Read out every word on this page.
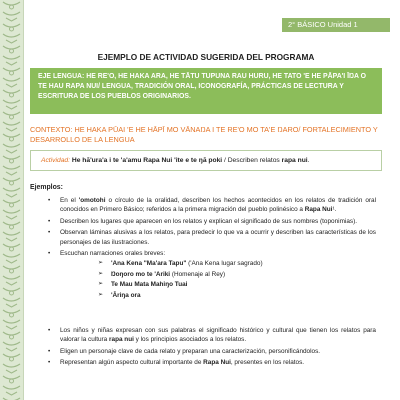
2° BÁSICO Unidad 1
EJEMPLO DE ACTIVIDAD SUGERIDA DEL PROGRAMA
EJE LENGUA: HE RE'O, HE HAKA ARA, HE TĀTU TUPUNA RAU HURU, HE TATO 'E HE PĀPA'I ĪŊA O TE HAU RAPA NUI/ LENGUA, TRADICIÓN ORAL, ICONOGRAFÍA, PRÁCTICAS DE LECTURA Y ESCRITURA DE LOS PUEBLOS ORIGINARIOS.
CONTEXTO: HE HAKA PŪAI 'E HE HĀPĪ MO VĀNAŊA I TE RE'O MO TA'E ŊARO/ FORTALECIMIENTO Y DESARROLLO DE LA LENGUA
Actividad: He hā'ura'a i te 'a'amu Rapa Nui 'ite e te ŋā poki / Describen relatos rapa nui.
Ejemplos:
• En el 'omotohi o círculo de la oralidad, describen los hechos acontecidos en los relatos de tradición oral conocidos en Primero Básico; referidos a la primera migración del pueblo polinésico a Rapa Nui¹.
• Describen los lugares que aparecen en los relatos y explican el significado de sus nombres (toponimias).
• Observan láminas alusivas a los relatos, para predecir lo que va a ocurrir y describen las características de los personajes de las ilustraciones.
• Escuchan narraciones orales breves:
➢ 'Ana Kena "Ma'ara Tapu" ('Ana Kena lugar sagrado)
➢ Ŋoŋoro mo te 'Ariki (Homenaje al Rey)
➢ Te Mau Mata Mahiŋo Tuai
➢ 'Āriŋa ora
• Los niños y niñas expresan con sus palabras el significado histórico y cultural que tienen los relatos para valorar la cultura rapa nui y los principios asociados a los relatos.
• Eligen un personaje clave de cada relato y preparan una caracterización, personificándolos.
• Representan algún aspecto cultural importante de Rapa Nui, presentes en los relatos.
